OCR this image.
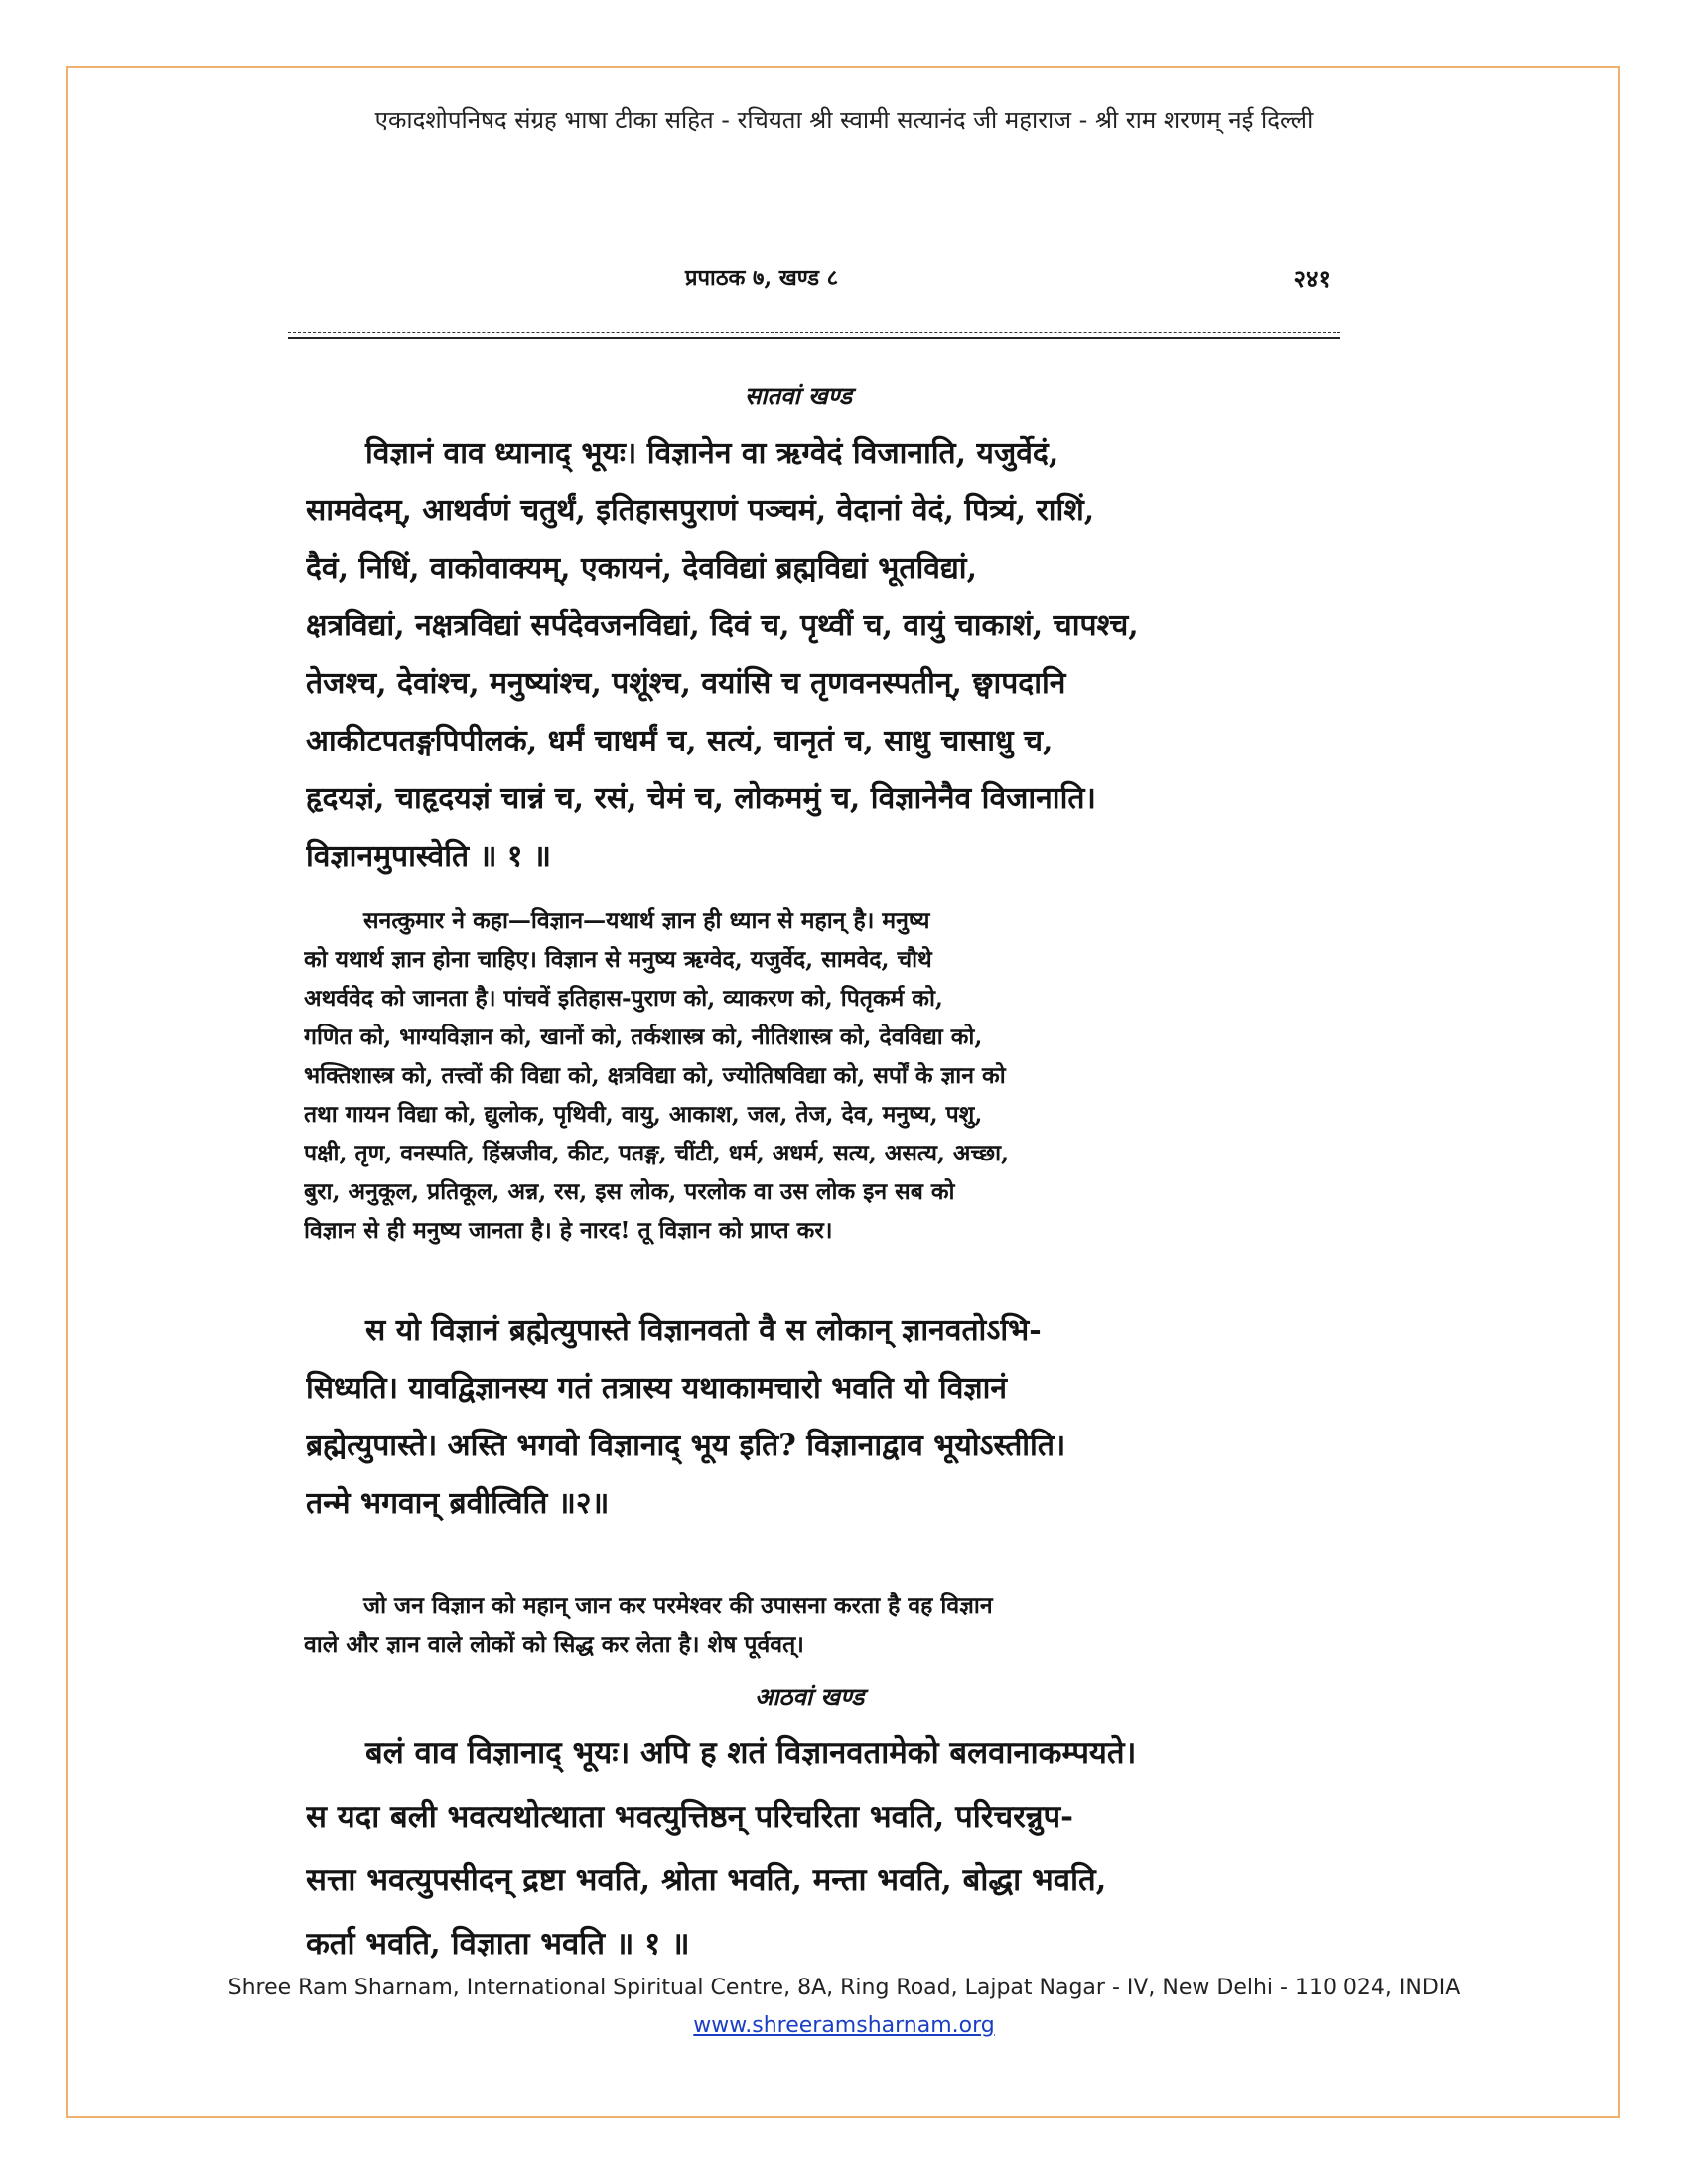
एकादशोपनिषद संग्रह भाषा टीका सहित - रचियता श्री स्वामी सत्यानंद जी महाराज - श्री राम शरणम् नई दिल्ली
प्रपाठक ७, खण्ड ८	२४१
सातवां खण्ड
विज्ञानं वाव ध्यानाद् भूयः। विज्ञानेन वा ऋग्वेदं विजानाति, यजुर्वेदं,
सामवेदम्, आथर्वणं चतुर्थं, इतिहासपुराणं पञ्चमं, वेदानां वेदं, पित्र्यं, राशिं,
दैवं, निधिं, वाकोवाक्यम्, एकायनं, देवविद्यां ब्रह्मविद्यां भूतविद्यां,
क्षत्रविद्यां, नक्षत्रविद्यां सर्पदेवजनविद्यां, दिवं च, पृथ्वीं च, वायुं चाकाशं, चापश्च,
तेजश्च, देवांश्च, मनुष्यांश्च, पशूंश्च, वयांसि च तृणवनस्पतीन्, छ्वापदानि
आकीटपतङ्गपिपीलकं, धर्मं चाधर्मं च, सत्यं, चानृतं च, साधु चासाधु च,
हृदयज्ञं, चाहृदयज्ञं चान्नं च, रसं, चेमं च, लोकममुं च, विज्ञानेनैव विजानाति।
विज्ञानमुपास्वेति ॥ १ ॥
सनत्कुमार ने कहा—विज्ञान—यथार्थ ज्ञान ही ध्यान से महान् है। मनुष्य
को यथार्थ ज्ञान होना चाहिए। विज्ञान से मनुष्य ऋग्वेद, यजुर्वेद, सामवेद, चौथे
अथर्ववेद को जानता है। पांचवें इतिहास-पुराण को, व्याकरण को, पितृकर्म को,
गणित को, भाग्यविज्ञान को, खानों को, तर्कशास्त्र को, नीतिशास्त्र को, देवविद्या को,
भक्तिशास्त्र को, तत्त्वों की विद्या को, क्षत्रविद्या को, ज्योतिषविद्या को, सर्पों के ज्ञान को
तथा गायन विद्या को, द्युलोक, पृथिवी, वायु, आकाश, जल, तेज, देव, मनुष्य, पशु,
पक्षी, तृण, वनस्पति, हिंस्रजीव, कीट, पतङ्ग, चींटी, धर्म, अधर्म, सत्य, असत्य, अच्छा,
बुरा, अनुकूल, प्रतिकूल, अन्न, रस, इस लोक, परलोक वा उस लोक इन सब को
विज्ञान से ही मनुष्य जानता है। हे नारद! तू विज्ञान को प्राप्त कर।
स यो विज्ञानं ब्रह्मेत्युपास्ते विज्ञानवतो वै स लोकान् ज्ञानवतोऽभि-
सिध्यति। यावद्विज्ञानस्य गतं तत्रास्य यथाकामचारो भवति यो विज्ञानं
ब्रह्मेत्युपास्ते। अस्ति भगवो विज्ञानाद् भूय इति? विज्ञानाद्वाव भूयोऽस्तीति।
तन्मे भगवान् ब्रवीत्विति ॥२॥
जो जन विज्ञान को महान् जान कर परमेश्वर की उपासना करता है वह विज्ञान
वाले और ज्ञान वाले लोकों को सिद्ध कर लेता है। शेष पूर्ववत्।
आठवां खण्ड
बलं वाव विज्ञानाद् भूयः। अपि ह शतं विज्ञानवतामेको बलवानाकम्पयते।
स यदा बली भवत्यथोत्थाता भवत्युत्तिष्ठन् परिचरिता भवति, परिचरन्नुप-
सत्ता भवत्युपसीदन् द्रष्टा भवति, श्रोता भवति, मन्ता भवति, बोद्धा भवति,
कर्ता भवति, विज्ञाता भवति ॥ १ ॥
Shree Ram Sharnam, International Spiritual Centre, 8A, Ring Road, Lajpat Nagar - IV, New Delhi - 110 024, INDIA
www.shreeramsharnam.org
